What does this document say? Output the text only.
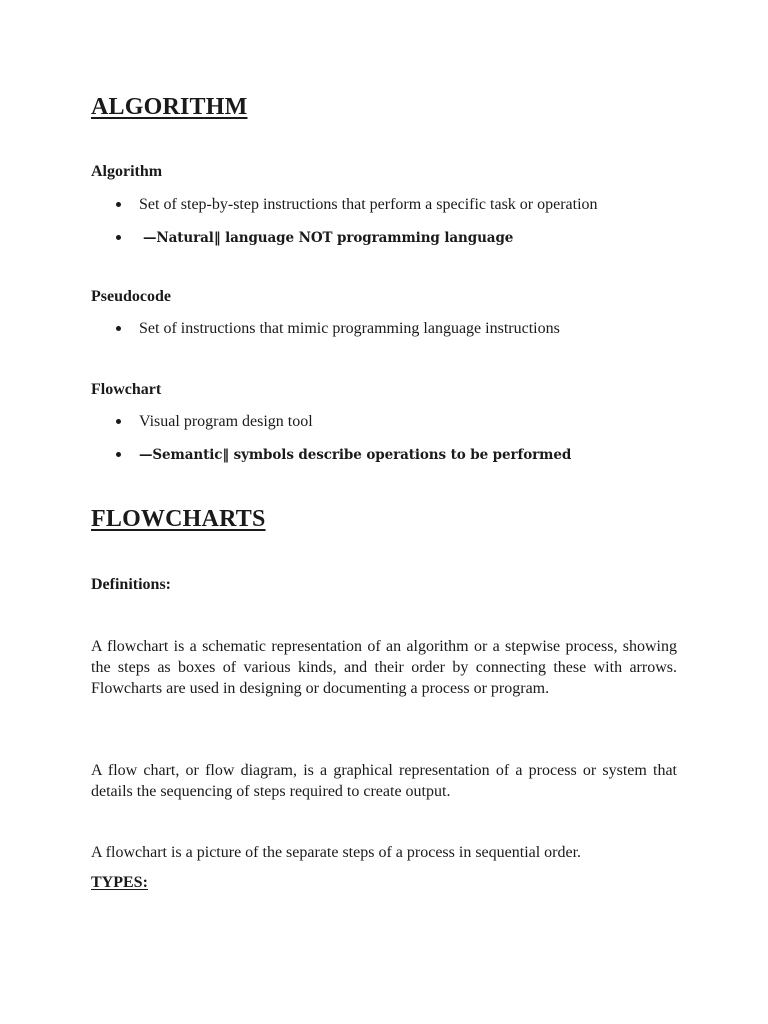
ALGORITHM
Algorithm
Set of step-by-step instructions that perform a specific task or operation
—Natural‖ language NOT programming language
Pseudocode
Set of instructions that mimic programming language instructions
Flowchart
Visual program design tool
—Semantic‖ symbols describe operations to be performed
FLOWCHARTS
Definitions:

A flowchart is a schematic representation of an algorithm or a stepwise process, showing the steps as boxes of various kinds, and their order by connecting these with arrows. Flowcharts are used in designing or documenting a process or program.

A flow chart, or flow diagram, is a graphical representation of a process or system that details the sequencing of steps required to create output.

A flowchart is a picture of the separate steps of a process in sequential order.

TYPES:
